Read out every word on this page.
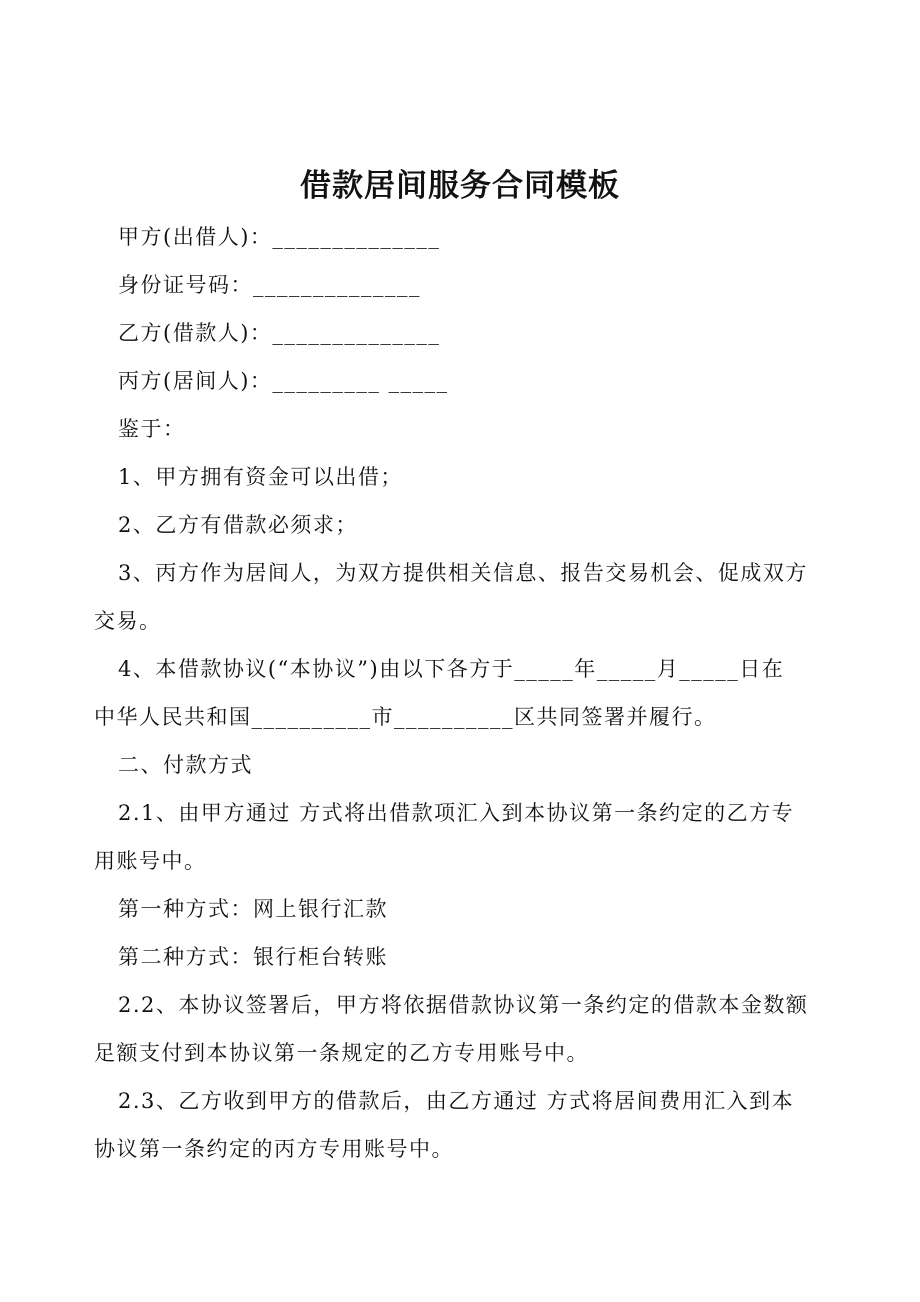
借款居间服务合同模板
甲方(出借人)：______________
身份证号码：______________
乙方(借款人)：______________
丙方(居间人)：_________ _____
鉴于：
1、甲方拥有资金可以出借；
2、乙方有借款必须求；
3、丙方作为居间人，为双方提供相关信息、报告交易机会、促成双方
交易。
4、本借款协议(“本协议”)由以下各方于_____年_____月_____日在
中华人民共和国__________市__________区共同签署并履行。
二、付款方式
2.1、由甲方通过 方式将出借款项汇入到本协议第一条约定的乙方专
用账号中。
第一种方式：网上银行汇款
第二种方式：银行柜台转账
2.2、本协议签署后，甲方将依据借款协议第一条约定的借款本金数额
足额支付到本协议第一条规定的乙方专用账号中。
2.3、乙方收到甲方的借款后，由乙方通过 方式将居间费用汇入到本
协议第一条约定的丙方专用账号中。
